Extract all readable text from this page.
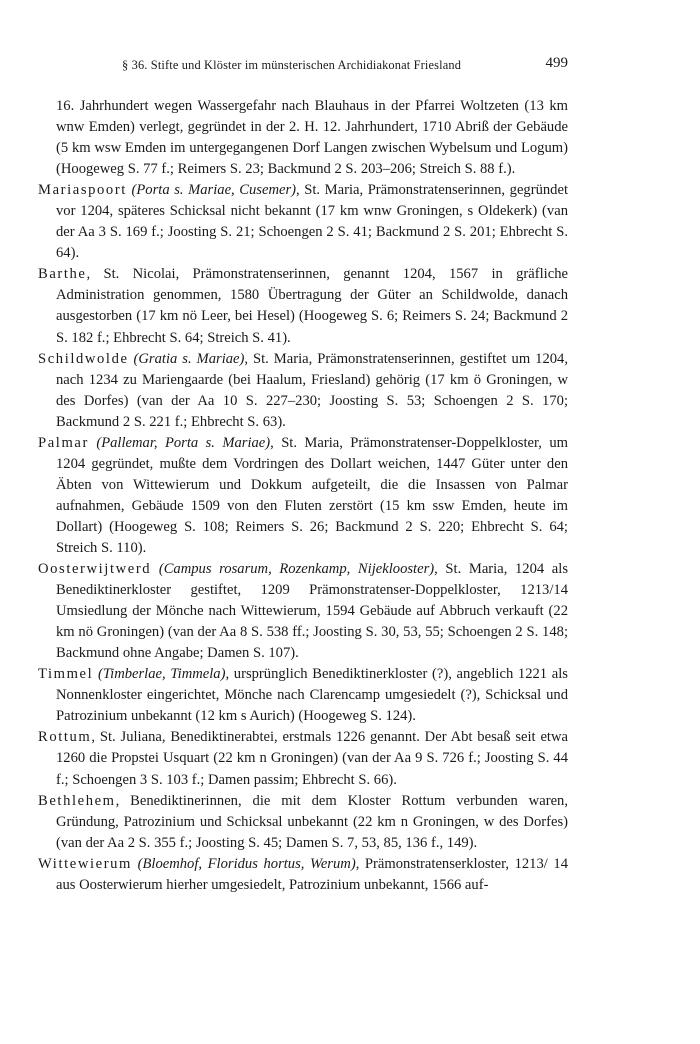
§ 36. Stifte und Klöster im münsterischen Archidiakonat Friesland	499

16. Jahrhundert wegen Wassergefahr nach Blauhaus in der Pfarrei Woltzeten (13 km wnw Emden) verlegt, gegründet in der 2. H. 12. Jahrhundert, 1710 Abriß der Gebäude (5 km wsw Emden im untergegangenen Dorf Langen zwischen Wybelsum und Logum) (Hoogeweg S. 77 f.; Reimers S. 23; Backmund 2 S. 203–206; Streich S. 88 f.).

Mariaspoort (Porta s. Mariae, Cusemer), St. Maria, Prämonstratenserinnen, gegründet vor 1204, späteres Schicksal nicht bekannt (17 km wnw Groningen, s Oldekerk) (van der Aa 3 S. 169 f.; Joosting S. 21; Schoengen 2 S. 41; Backmund 2 S. 201; Ehbrecht S. 64).

Barthe, St. Nicolai, Prämonstratenserinnen, genannt 1204, 1567 in gräfliche Administration genommen, 1580 Übertragung der Güter an Schildwolde, danach ausgestorben (17 km nö Leer, bei Hesel) (Hoogeweg S. 6; Reimers S. 24; Backmund 2 S. 182 f.; Ehbrecht S. 64; Streich S. 41).

Schildwolde (Gratia s. Mariae), St. Maria, Prämonstratenserinnen, gestiftet um 1204, nach 1234 zu Mariengaarde (bei Haalum, Friesland) gehörig (17 km ö Groningen, w des Dorfes) (van der Aa 10 S. 227–230; Joosting S. 53; Schoengen 2 S. 170; Backmund 2 S. 221 f.; Ehbrecht S. 63).

Palmar (Pallemar, Porta s. Mariae), St. Maria, Prämonstratenser-Doppelkloster, um 1204 gegründet, mußte dem Vordringen des Dollart weichen, 1447 Güter unter den Äbten von Wittewierum und Dokkum aufgeteilt, die die Insassen von Palmar aufnahmen, Gebäude 1509 von den Fluten zerstört (15 km ssw Emden, heute im Dollart) (Hoogeweg S. 108; Reimers S. 26; Backmund 2 S. 220; Ehbrecht S. 64; Streich S. 110).

Oosterwijtwerd (Campus rosarum, Rozenkamp, Nijeklooster), St. Maria, 1204 als Benediktinerkloster gestiftet, 1209 Prämonstratenser-Doppelkloster, 1213/14 Umsiedlung der Mönche nach Wittewierum, 1594 Gebäude auf Abbruch verkauft (22 km nö Groningen) (van der Aa 8 S. 538 ff.; Joosting S. 30, 53, 55; Schoengen 2 S. 148; Backmund ohne Angabe; Damen S. 107).

Timmel (Timberlae, Timmela), ursprünglich Benediktinerkloster (?), angeblich 1221 als Nonnenkloster eingerichtet, Mönche nach Clarencamp umgesiedelt (?), Schicksal und Patrozinium unbekannt (12 km s Aurich) (Hoogeweg S. 124).

Rottum, St. Juliana, Benediktinerabtei, erstmals 1226 genannt. Der Abt besaß seit etwa 1260 die Propstei Usquart (22 km n Groningen) (van der Aa 9 S. 726 f.; Joosting S. 44 f.; Schoengen 3 S. 103 f.; Damen passim; Ehbrecht S. 66).

Bethlehem, Benediktinerinnen, die mit dem Kloster Rottum verbunden waren, Gründung, Patrozinium und Schicksal unbekannt (22 km n Groningen, w des Dorfes) (van der Aa 2 S. 355 f.; Joosting S. 45; Damen S. 7, 53, 85, 136 f., 149).

Wittewierum (Bloemhof, Floridus hortus, Werum), Prämonstratenserkloster, 1213/ 14 aus Oosterwierum hierher umgesiedelt, Patrozinium unbekannt, 1566 auf-
